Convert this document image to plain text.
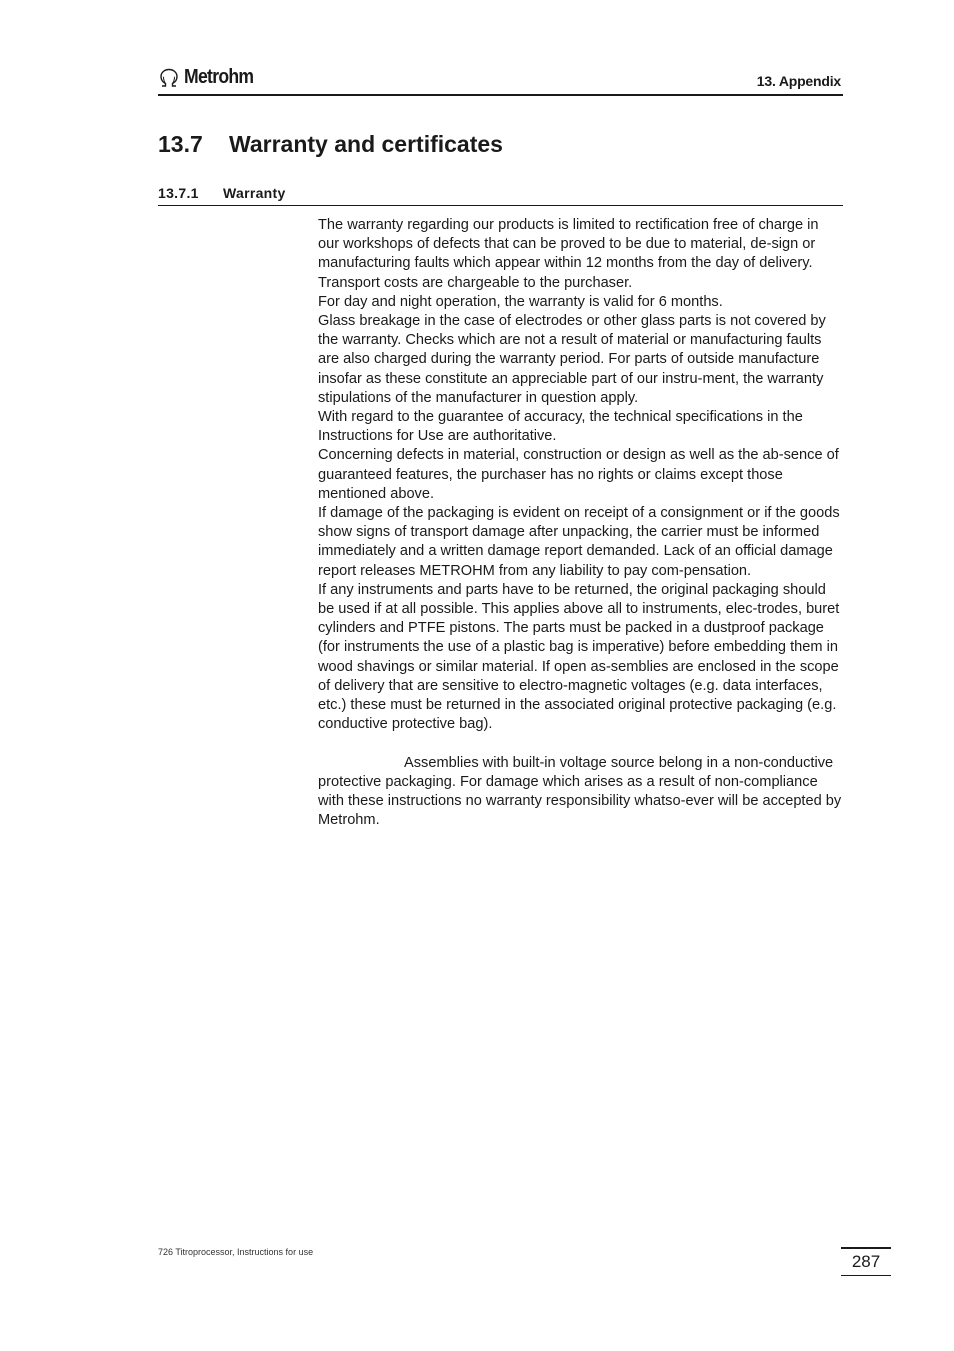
Metrohm	13. Appendix
13.7 Warranty and certificates
13.7.1 Warranty

The warranty regarding our products is limited to rectification free of charge in our workshops of defects that can be proved to be due to material, de-sign or manufacturing faults which appear within 12 months from the day of delivery. Transport costs are chargeable to the purchaser.

For day and night operation, the warranty is valid for 6 months.

Glass breakage in the case of electrodes or other glass parts is not covered by the warranty. Checks which are not a result of material or manufacturing faults are also charged during the warranty period. For parts of outside manufacture insofar as these constitute an appreciable part of our instru-ment, the warranty stipulations of the manufacturer in question apply.

With regard to the guarantee of accuracy, the technical specifications in the Instructions for Use are authoritative.

Concerning defects in material, construction or design as well as the ab-sence of guaranteed features, the purchaser has no rights or claims except those mentioned above.

If damage of the packaging is evident on receipt of a consignment or if the goods show signs of transport damage after unpacking, the carrier must be informed immediately and a written damage report demanded. Lack of an official damage report releases METROHM from any liability to pay com-pensation.

If any instruments and parts have to be returned, the original packaging should be used if at all possible. This applies above all to instruments, elec-trodes, buret cylinders and PTFE pistons. The parts must be packed in a dustproof package (for instruments the use of a plastic bag is imperative) before embedding them in wood shavings or similar material. If open as-semblies are enclosed in the scope of delivery that are sensitive to electro-magnetic voltages (e.g. data interfaces, etc.) these must be returned in the associated original protective packaging (e.g. conductive protective bag).

Assemblies with built-in voltage source belong in a non-conductive protective packaging. For damage which arises as a result of non-compliance with these instructions no warranty responsibility whatso-ever will be accepted by Metrohm.

726 Titroprocessor, Instructions for use	287
